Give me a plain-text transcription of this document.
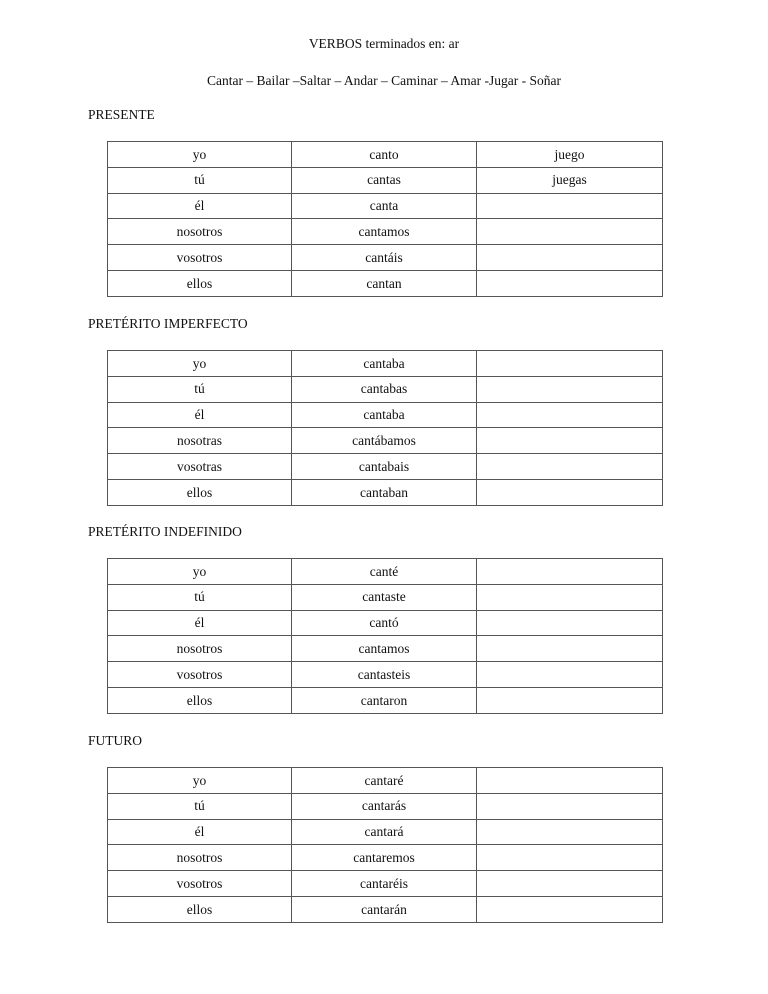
VERBOS terminados en: ar
Cantar – Bailar –Saltar – Andar – Caminar – Amar -Jugar - Soñar
PRESENTE
yo	canto	juego
tú	cantas	juegas
él	canta	
nosotros	cantamos	
vosotros	cantáis	
ellos	cantan	
PRETÉRITO IMPERFECTO
yo	cantaba	
tú	cantabas	
él	cantaba	
nosotras	cantábamos	
vosotras	cantabais	
ellos	cantaban	
PRETÉRITO INDEFINIDO
yo	canté	
tú	cantaste	
él	cantó	
nosotros	cantamos	
vosotros	cantasteis	
ellos	cantaron	
FUTURO
yo	cantaré	
tú	cantarás	
él	cantará	
nosotros	cantaremos	
vosotros	cantaréis	
ellos	cantarán	
